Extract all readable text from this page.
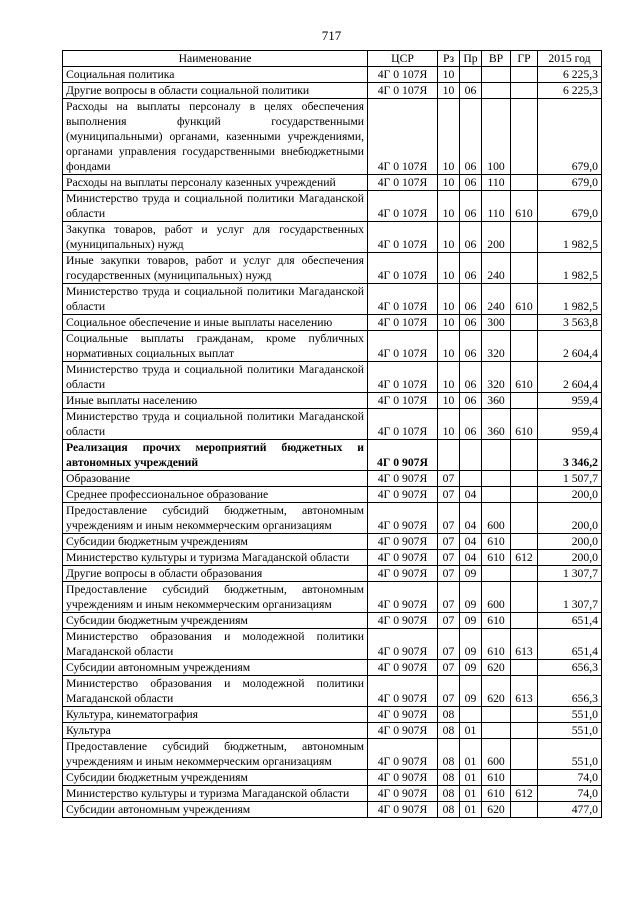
717
Наименование	ЦСР	Рз	Пр	ВР	ГР	2015 год
Социальная политика	4Г 0 107Я	10				6 225,3
Другие вопросы в области социальной политики	4Г 0 107Я	10	06			6 225,3
Расходы на выплаты персоналу в целях обеспечения выполнения функций государственными (муниципальными) органами, казенными учреждениями, органами управления государственными внебюджетными фондами	4Г 0 107Я	10	06	100		679,0
Расходы на выплаты персоналу казенных учреждений	4Г 0 107Я	10	06	110		679,0
Министерство труда и социальной политики Магаданской области	4Г 0 107Я	10	06	110	610	679,0
Закупка товаров, работ и услуг для государственных (муниципальных) нужд	4Г 0 107Я	10	06	200		1 982,5
Иные закупки товаров, работ и услуг для обеспечения государственных (муниципальных) нужд	4Г 0 107Я	10	06	240		1 982,5
Министерство труда и социальной политики Магаданской области	4Г 0 107Я	10	06	240	610	1 982,5
Социальное обеспечение и иные выплаты населению	4Г 0 107Я	10	06	300		3 563,8
Социальные выплаты гражданам, кроме публичных нормативных социальных выплат	4Г 0 107Я	10	06	320		2 604,4
Министерство труда и социальной политики Магаданской области	4Г 0 107Я	10	06	320	610	2 604,4
Иные выплаты населению	4Г 0 107Я	10	06	360		959,4
Министерство труда и социальной политики Магаданской области	4Г 0 107Я	10	06	360	610	959,4
Реализация прочих мероприятий бюджетных и автономных учреждений	4Г 0 907Я					3 346,2
Образование	4Г 0 907Я	07				1 507,7
Среднее профессиональное образование	4Г 0 907Я	07	04			200,0
Предоставление субсидий бюджетным, автономным учреждениям и иным некоммерческим организациям	4Г 0 907Я	07	04	600		200,0
Субсидии бюджетным учреждениям	4Г 0 907Я	07	04	610		200,0
Министерство культуры и туризма Магаданской области	4Г 0 907Я	07	04	610	612	200,0
Другие вопросы в области образования	4Г 0 907Я	07	09			1 307,7
Предоставление субсидий бюджетным, автономным учреждениям и иным некоммерческим организациям	4Г 0 907Я	07	09	600		1 307,7
Субсидии бюджетным учреждениям	4Г 0 907Я	07	09	610		651,4
Министерство образования и молодежной политики Магаданской области	4Г 0 907Я	07	09	610	613	651,4
Субсидии автономным учреждениям	4Г 0 907Я	07	09	620		656,3
Министерство образования и молодежной политики Магаданской области	4Г 0 907Я	07	09	620	613	656,3
Культура, кинематография	4Г 0 907Я	08				551,0
Культура	4Г 0 907Я	08	01			551,0
Предоставление субсидий бюджетным, автономным учреждениям и иным некоммерческим организациям	4Г 0 907Я	08	01	600		551,0
Субсидии бюджетным учреждениям	4Г 0 907Я	08	01	610		74,0
Министерство культуры и туризма Магаданской области	4Г 0 907Я	08	01	610	612	74,0
Субсидии автономным учреждениям	4Г 0 907Я	08	01	620		477,0
